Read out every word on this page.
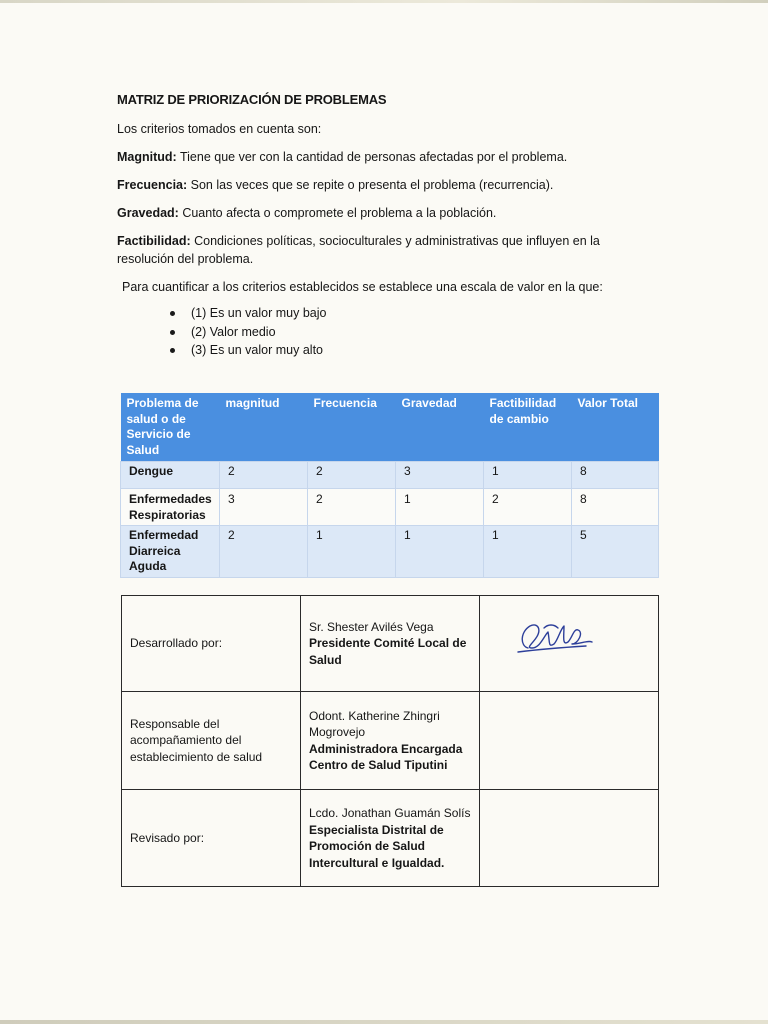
MATRIZ DE PRIORIZACIÓN DE PROBLEMAS
Los criterios tomados en cuenta son:
Magnitud: Tiene que ver con la cantidad de personas afectadas por el problema.
Frecuencia: Son las veces que se repite o presenta el problema (recurrencia).
Gravedad: Cuanto afecta o compromete el problema a la población.
Factibilidad: Condiciones políticas, socioculturales y administrativas que influyen en la resolución del problema.
Para cuantificar a los criterios establecidos se establece una escala de valor en la que:
(1) Es un valor muy bajo
(2) Valor medio
(3) Es un valor muy alto
Problema de salud o de Servicio de Salud	magnitud	Frecuencia	Gravedad	Factibilidad de cambio	Valor Total
Dengue	2	2	3	1	8
Enfermedades Respiratorias	3	2	1	2	8
Enfermedad Diarreica Aguda	2	1	1	1	5
Desarrollado por:	Sr. Shester Avilés Vega
Presidente Comité Local de Salud

Responsable del acompañamiento del establecimiento de salud	Odont. Katherine Zhingri Mogrovejo
Administradora Encargada Centro de Salud Tiputini	

Revisado por:	Lcdo. Jonathan Guamán Solís
Especialista Distrital de Promoción de Salud Intercultural e Igualdad.	
